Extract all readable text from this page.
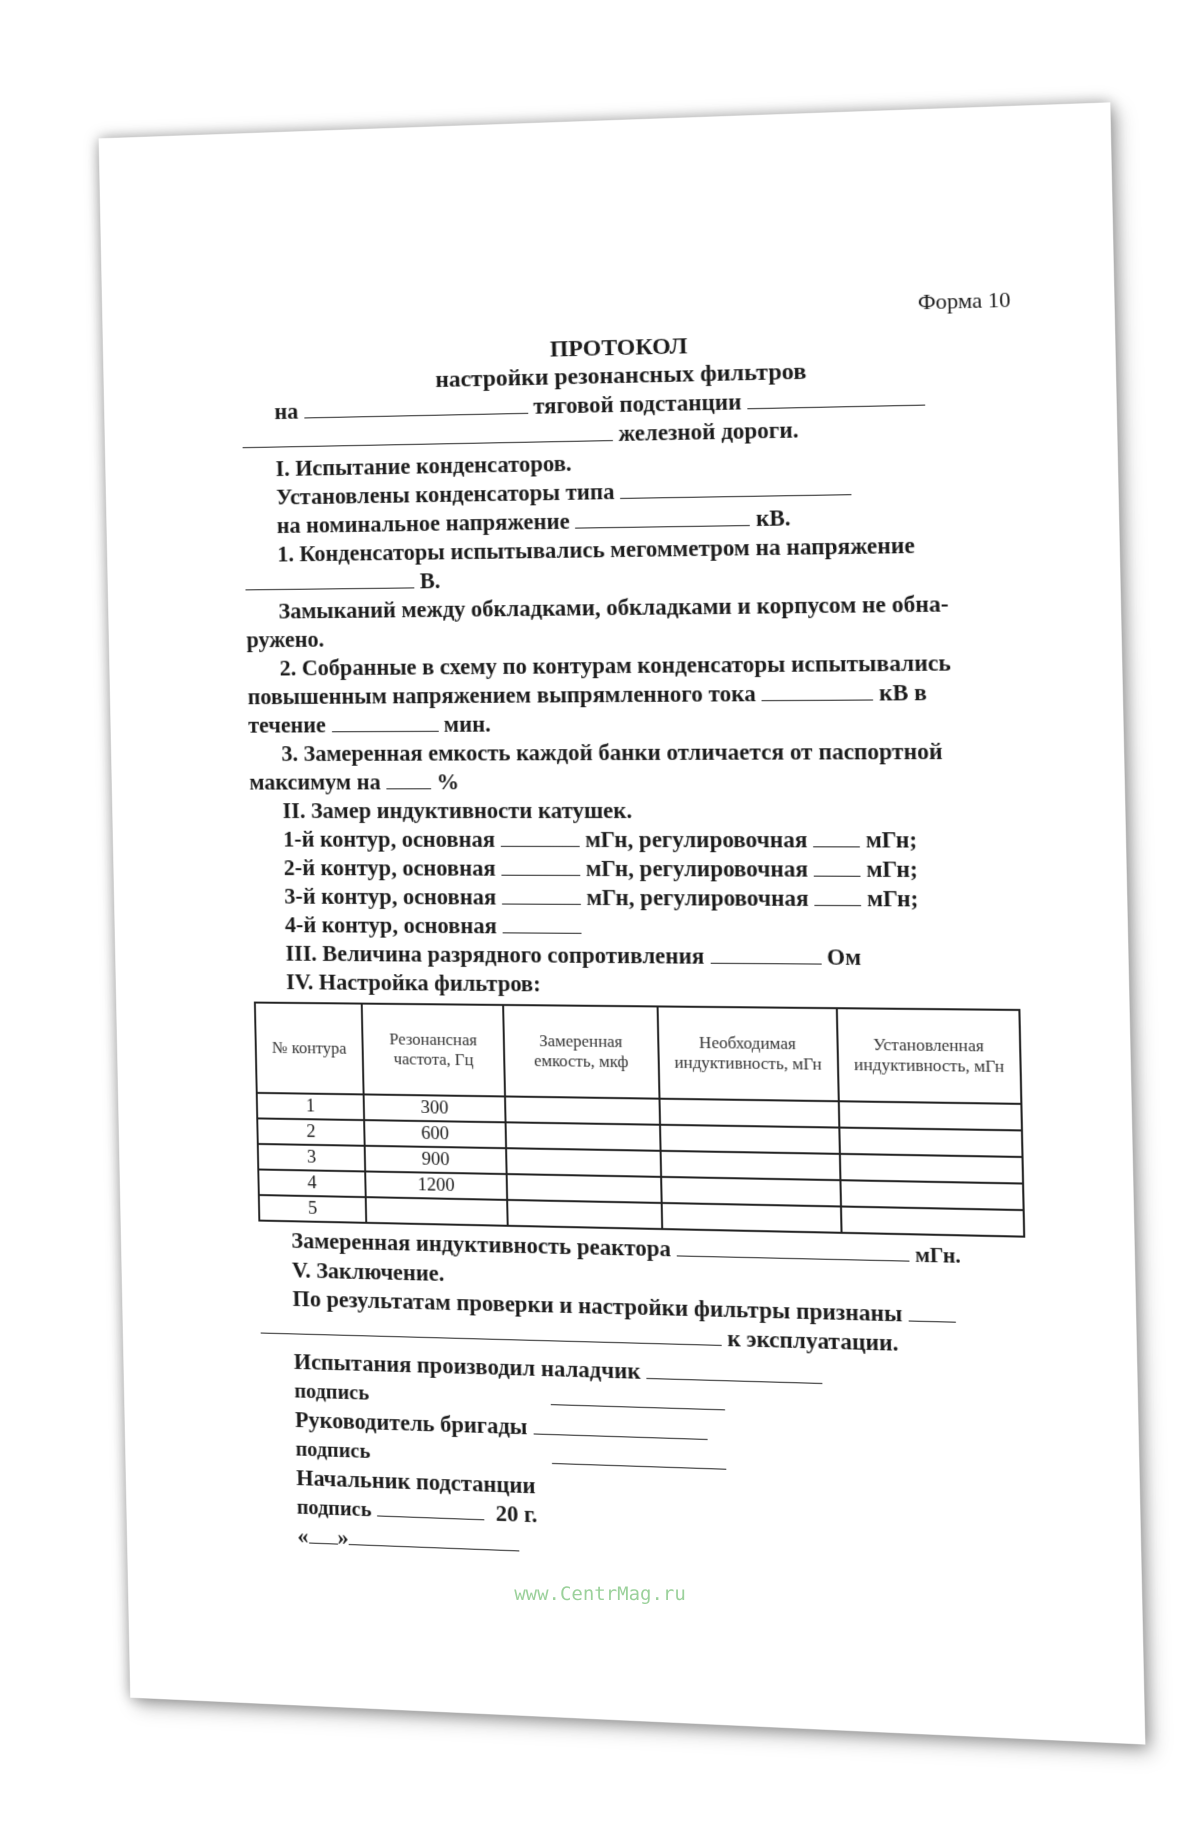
Форма 10
ПРОТОКОЛ
настройки резонансных фильтров
на	тяговой подстанции
железной дороги.
I. Испытание конденсаторов.
Установлены конденсаторы типа
на номинальное напряжение	кВ.
1. Конденсаторы испытывались мегомметром на напряжение
В.
Замыканий между обкладками, обкладками и корпусом не обна-
ружено.
2. Собранные в схему по контурам конденсаторы испытывались
повышенным напряжением выпрямленного тока	кВ в
течение	мин.
3. Замеренная емкость каждой банки отличается от паспортной
максимум на %
II. Замер индуктивности катушек.
1-й контур, основная	мГн, регулировочная	мГн;
2-й контур, основная	мГн, регулировочная	мГн;
3-й контур, основная	мГн, регулировочная	мГн;
4-й контур, основная
III. Величина разрядного сопротивления	Ом
IV. Настройка фильтров:
№ контура	Резонансная частота, Гц	Замеренная емкость, мкф	Необходимая индуктивность, мГн	Установленная индуктивность, мГн
1	300			
2	600			
3	900			
4	1200			
5				
Замеренная индуктивность реактора	мГн.
V. Заключение.
По результатам проверки и настройки фильтры признаны
к эксплуатации.
Испытания производил наладчик
подпись
Руководитель бригады
подпись
Начальник подстанции
подпись	20 г.
« »
www.CentrMag.ru
